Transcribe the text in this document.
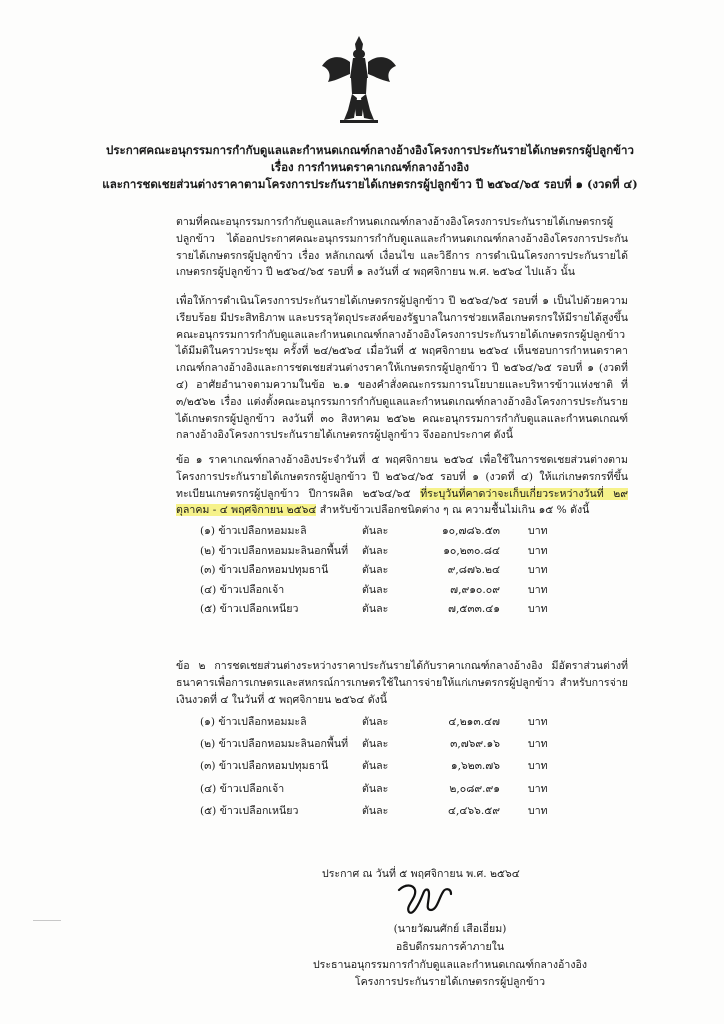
ประกาศคณะอนุกรรมการกำกับดูแลและกำหนดเกณฑ์กลางอ้างอิงโครงการประกันรายได้เกษตรกรผู้ปลูกข้าว
เรื่อง การกำหนดราคาเกณฑ์กลางอ้างอิง
และการชดเชยส่วนต่างราคาตามโครงการประกันรายได้เกษตรกรผู้ปลูกข้าว ปี ๒๕๖๔/๖๕ รอบที่ ๑ (งวดที่ ๔)
ตามที่คณะอนุกรรมการกำกับดูแลและกำหนดเกณฑ์กลางอ้างอิงโครงการประกันรายได้เกษตรกรผู้ปลูกข้าว ได้ออกประกาศคณะอนุกรรมการกำกับดูแลและกำหนดเกณฑ์กลางอ้างอิงโครงการประกันรายได้เกษตรกรผู้ปลูกข้าว เรื่อง หลักเกณฑ์ เงื่อนไข และวิธีการ การดำเนินโครงการประกันรายได้เกษตรกรผู้ปลูกข้าว ปี ๒๕๖๔/๖๕ รอบที่ ๑ ลงวันที่ ๔ พฤศจิกายน พ.ศ. ๒๕๖๔ ไปแล้ว นั้น
เพื่อให้การดำเนินโครงการประกันรายได้เกษตรกรผู้ปลูกข้าว ปี ๒๕๖๔/๖๕ รอบที่ ๑ เป็นไปด้วยความเรียบร้อย มีประสิทธิภาพ และบรรลุวัตถุประสงค์ของรัฐบาลในการช่วยเหลือเกษตรกรให้มีรายได้สูงขึ้น คณะอนุกรรมการกำกับดูแลและกำหนดเกณฑ์กลางอ้างอิงโครงการประกันรายได้เกษตรกรผู้ปลูกข้าว ได้มีมติในคราวประชุม ครั้งที่ ๒๔/๒๕๖๔ เมื่อวันที่ ๕ พฤศจิกายน ๒๕๖๔ เห็นชอบการกำหนดราคาเกณฑ์กลางอ้างอิงและการชดเชยส่วนต่างราคาให้เกษตรกรผู้ปลูกข้าว ปี ๒๕๖๔/๖๕ รอบที่ ๑ (งวดที่ ๔) อาศัยอำนาจตามความในข้อ ๒.๑ ของคำสั่งคณะกรรมการนโยบายและบริหารข้าวแห่งชาติ ที่ ๓/๒๕๖๒ เรื่อง แต่งตั้งคณะอนุกรรมการกำกับดูแลและกำหนดเกณฑ์กลางอ้างอิงโครงการประกันรายได้เกษตรกรผู้ปลูกข้าว ลงวันที่ ๓๐ สิงหาคม ๒๕๖๒ คณะอนุกรรมการกำกับดูแลและกำหนดเกณฑ์กลางอ้างอิงโครงการประกันรายได้เกษตรกรผู้ปลูกข้าว จึงออกประกาศ ดังนี้
ข้อ ๑ ราคาเกณฑ์กลางอ้างอิงประจำวันที่ ๕ พฤศจิกายน ๒๕๖๔ เพื่อใช้ในการชดเชยส่วนต่างตามโครงการประกันรายได้เกษตรกรผู้ปลูกข้าว ปี ๒๕๖๔/๖๕ รอบที่ ๑ (งวดที่ ๔) ให้แก่เกษตรกรที่ขึ้นทะเบียนเกษตรกรผู้ปลูกข้าว ปีการผลิต ๒๕๖๔/๖๕ ที่ระบุวันที่คาดว่าจะเก็บเกี่ยวระหว่างวันที่ ๒๙ ตุลาคม - ๔ พฤศจิกายน ๒๕๖๔ สำหรับข้าวเปลือกชนิดต่าง ๆ ณ ความชื้นไม่เกิน ๑๕ % ดังนี้
(๑) ข้าวเปลือกหอมมะลิ	ตันละ	๑๐,๗๘๖.๕๓	บาท
(๒) ข้าวเปลือกหอมมะลินอกพื้นที่ ตันละ	๑๐,๒๓๐.๘๔	บาท
(๓) ข้าวเปลือกหอมปทุมธานี	ตันละ	๙,๘๗๖.๒๔	บาท
(๔) ข้าวเปลือกเจ้า	ตันละ	๗,๙๑๐.๐๙	บาท
(๕) ข้าวเปลือกเหนียว	ตันละ	๗,๕๓๓.๔๑	บาท
ข้อ ๒ การชดเชยส่วนต่างระหว่างราคาประกันรายได้กับราคาเกณฑ์กลางอ้างอิง มีอัตราส่วนต่างที่ธนาคารเพื่อการเกษตรและสหกรณ์การเกษตรใช้ในการจ่ายให้แก่เกษตรกรผู้ปลูกข้าว สำหรับการจ่ายเงินงวดที่ ๔ ในวันที่ ๕ พฤศจิกายน ๒๕๖๔ ดังนี้
(๑) ข้าวเปลือกหอมมะลิ	ตันละ	๔,๒๑๓.๔๗	บาท
(๒) ข้าวเปลือกหอมมะลินอกพื้นที่ ตันละ	๓,๗๖๙.๑๖	บาท
(๓) ข้าวเปลือกหอมปทุมธานี	ตันละ	๑,๖๒๓.๗๖	บาท
(๔) ข้าวเปลือกเจ้า	ตันละ	๒,๐๘๙.๙๑	บาท
(๕) ข้าวเปลือกเหนียว	ตันละ	๔,๔๖๖.๕๙	บาท
ประกาศ ณ วันที่ ๕ พฤศจิกายน พ.ศ. ๒๕๖๔
(นายวัฒนศักย์ เสือเอี่ยม)
อธิบดีกรมการค้าภายใน
ประธานอนุกรรมการกำกับดูแลและกำหนดเกณฑ์กลางอ้างอิง
โครงการประกันรายได้เกษตรกรผู้ปลูกข้าว
